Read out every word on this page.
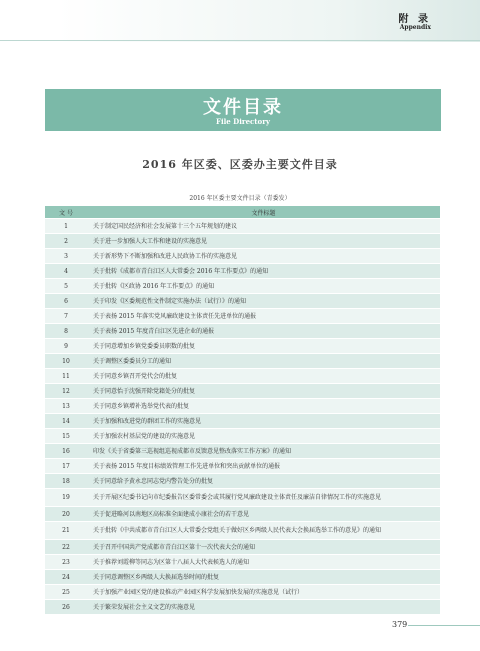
附 录
Appendix
文件目录
File Directory
2016 年区委、区委办主要文件目录
2016 年区委主要文件目录（青委发）
文 号	文件标题
1	关于制定国民经济和社会发展第十三个五年规划的建议
2	关于进一步加强人大工作和建设的实施意见
3	关于新形势下不断加强和改进人民政协工作的实施意见
4	关于批转《成都市青白江区人大常委会 2016 年工作要点》的通知
5	关于批转《区政协 2016 年工作要点》的通知
6	关于印发《区委规范性文件制定实施办法（试行）》的通知
7	关于表扬 2015 年落实党风廉政建设主体责任先进单位的通报
8	关于表扬 2015 年度青白江区先进企业的通报
9	关于同意增加乡镇党委委员职数的批复
10	关于调整区委委员分工的通知
11	关于同意乡镇召开党代会的批复
12	关于同意怡于沈强开除党籍处分的批复
13	关于同意乡镇增补选举党代表的批复
14	关于加强和改进党的群团工作的实施意见
15	关于加强农村基层党的建设的实施意见
16	印发《关于省委第三巡视组巡视成都市反馈意见整改落实工作方案》的通知
17	关于表扬 2015 年度目标绩效管理工作先进单位和突出贡献单位的通报
18	关于同意给予黄永忠同志党内警告处分的批复
19	关于开展区纪委书记向市纪委报告区委常委会或其履行党风廉政建设主体责任及廉洁自律情况工作的实施意见
20	关于促进略河以南地区高标准全面建成小康社会的若干意见
21	关于批转《中共成都市青白江区人大常委会党组关于做好区乡两级人民代表大会换届选举工作的意见》的通知
22	关于召开中国共产党成都市青白江区第十一次代表大会的通知
23	关于推荐刘霞柳等同志为区第十八届人大代表候选人的通知
24	关于同意调整区乡两级人大换届选举时间的批复
25	关于加强产业园区党的建设推动产业园区科学发展加快发展的实施意见（试行）
26	关于繁荣发展社会主义文艺的实施意见
379
